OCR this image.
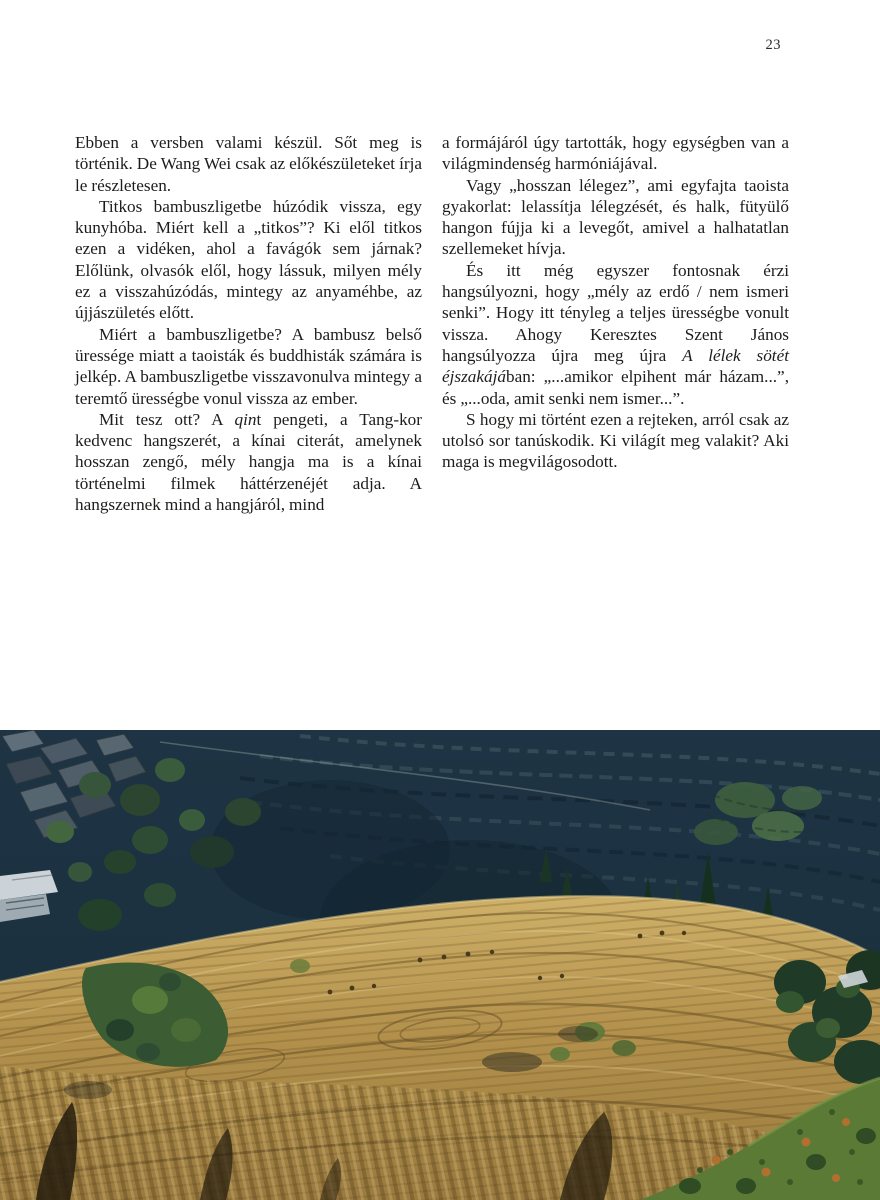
23

Ebben a versben valami készül. Sőt meg is történik. De Wang Wei csak az előkészületeket írja le részletesen.

Titkos bambuszligetbe húzódik vissza, egy kunyhóba. Miért kell a „titkos”? Ki elől titkos ezen a vidéken, ahol a favágók sem járnak? Előlünk, olvasók elől, hogy lássuk, milyen mély ez a visszahúzódás, mintegy az anyaméhbe, az újjászületés előtt.

Miért a bambuszligetbe? A bambusz belső üressége miatt a taoisták és buddhisták számára is jelkép. A bambuszligetbe visszavonulva mintegy a teremtő ürességbe vonul vissza az ember.

Mit tesz ott? A qint pengeti, a Tang-kor kedvenc hangszerét, a kínai citerát, amelynek hosszan zengő, mély hangja ma is a kínai történelmi filmek háttérzenéjét adja. A hangszernek mind a hangjáról, mind

a formájáról úgy tartották, hogy egységben van a világmindenség harmóniájával.

Vagy „hosszan lélegez”, ami egyfajta taoista gyakorlat: lelassítja lélegzését, és halk, fütyülő hangon fújja ki a levegőt, amivel a halhatatlan szellemeket hívja.

És itt még egyszer fontosnak érzi hangsúlyozni, hogy „mély az erdő / nem ismeri senki”. Hogy itt tényleg a teljes ürességbe vonult vissza. Ahogy Keresztes Szent János hangsúlyozza újra meg újra A lélek sötét éjszakájában: „...amikor elpihent már házam...”, és „...oda, amit senki nem ismer...”.

S hogy mi történt ezen a rejteken, arról csak az utolsó sor tanúskodik. Ki világít meg valakit? Aki maga is megvilágosodott.
